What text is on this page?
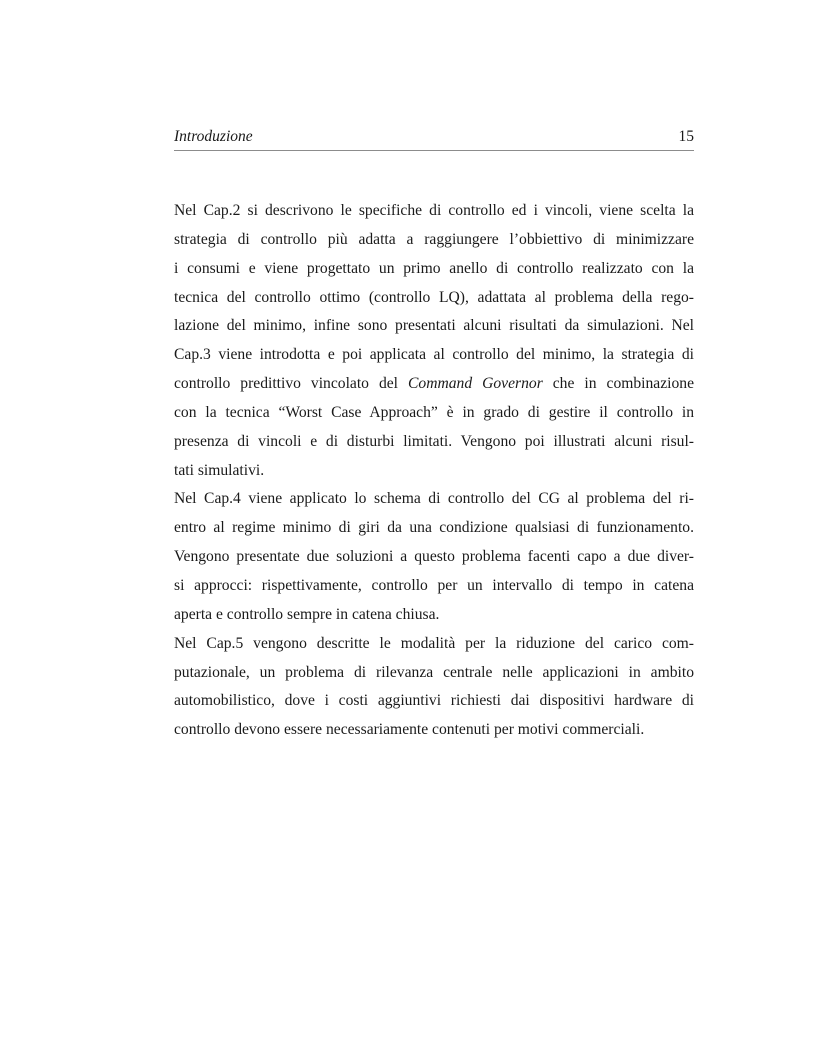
Introduzione	15
Nel Cap.2 si descrivono le specifiche di controllo ed i vincoli, viene scelta la
strategia di controllo più adatta a raggiungere l’obbiettivo di minimizzare
i consumi e viene progettato un primo anello di controllo realizzato con la
tecnica del controllo ottimo (controllo LQ), adattata al problema della rego-
lazione del minimo, infine sono presentati alcuni risultati da simulazioni. Nel
Cap.3 viene introdotta e poi applicata al controllo del minimo, la strategia di
controllo predittivo vincolato del Command Governor che in combinazione
con la tecnica “Worst Case Approach” è in grado di gestire il controllo in
presenza di vincoli e di disturbi limitati. Vengono poi illustrati alcuni risul-
tati simulativi.
Nel Cap.4 viene applicato lo schema di controllo del CG al problema del ri-
entro al regime minimo di giri da una condizione qualsiasi di funzionamento.
Vengono presentate due soluzioni a questo problema facenti capo a due diver-
si approcci: rispettivamente, controllo per un intervallo di tempo in catena
aperta e controllo sempre in catena chiusa.
Nel Cap.5 vengono descritte le modalità per la riduzione del carico com-
putazionale, un problema di rilevanza centrale nelle applicazioni in ambito
automobilistico, dove i costi aggiuntivi richiesti dai dispositivi hardware di
controllo devono essere necessariamente contenuti per motivi commerciali.
